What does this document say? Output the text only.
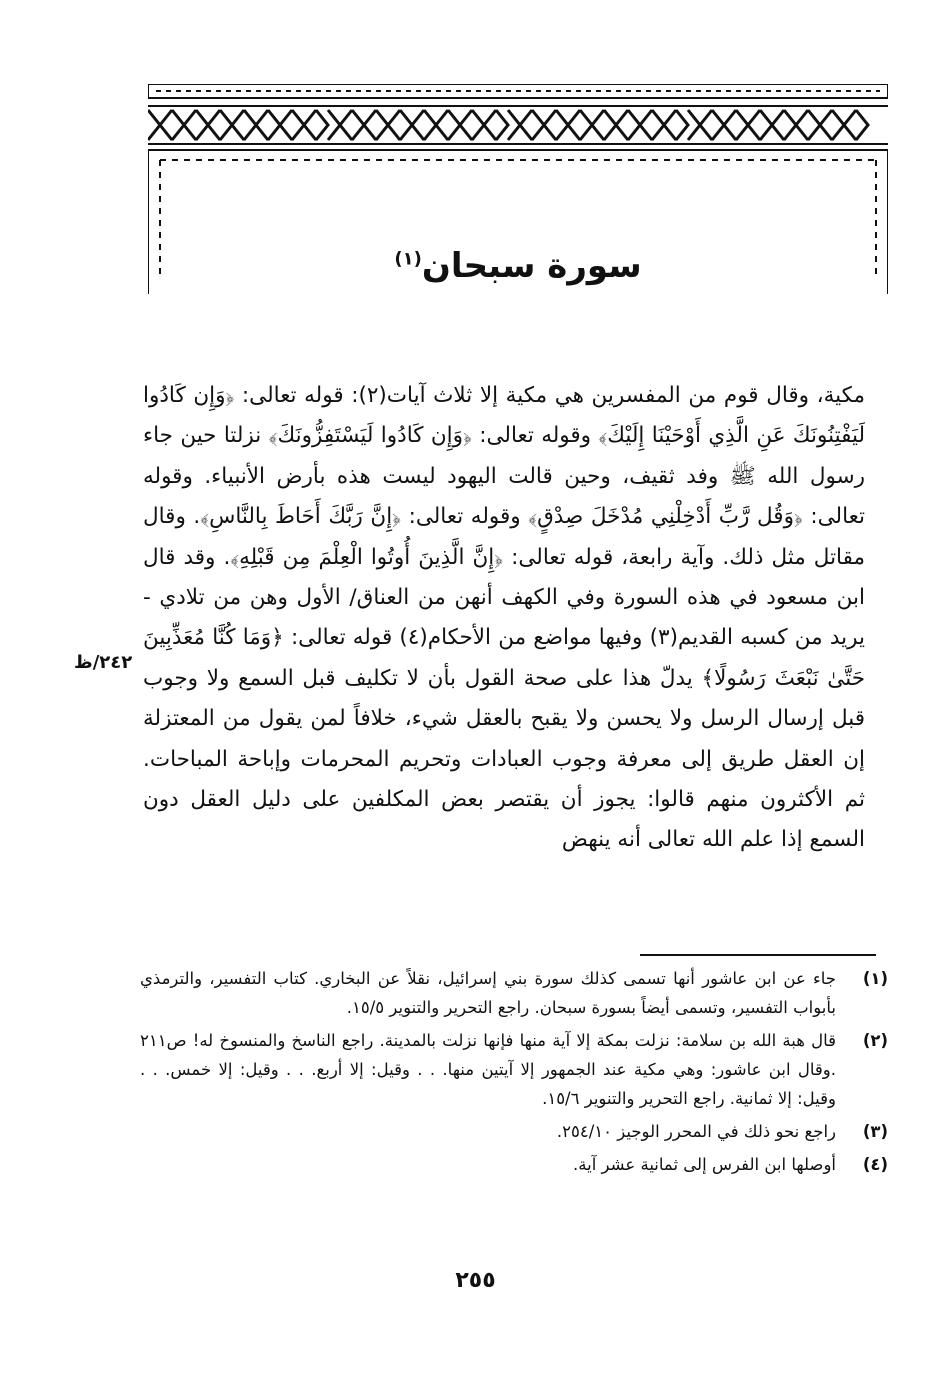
سورة سبحان$^{(١)}$

مكية، وقال قوم من المفسرين هي مكية إلا ثلاث آيات(٢): قوله تعالى: ﴿وَإِن كَادُوا لَيَفْتِنُونَكَ عَنِ الَّذِي أَوْحَيْنَا إِلَيْكَ﴾ وقوله تعالى: ﴿وَإِن كَادُوا لَيَسْتَفِزُّونَكَ﴾ نزلتا حين جاء رسول الله ﷺ وفد ثقيف، وحين قالت اليهود ليست هذه بأرض الأنبياء. وقوله تعالى: ﴿وَقُل رَّبِّ أَدْخِلْنِي مُدْخَلَ صِدْقٍ﴾ وقوله تعالى: ﴿إِنَّ رَبَّكَ أَحَاطَ بِالنَّاسِ﴾. وقال مقاتل مثل ذلك. وآية رابعة، قوله تعالى: ﴿إِنَّ الَّذِينَ أُوتُوا الْعِلْمَ مِن قَبْلِهِ﴾. وقد قال ابن مسعود في هذه السورة وفي الكهف أنهن من العناق/ الأول وهن من تلادي - يريد من كسبه القديم(٣) وفيها مواضع من الأحكام(٤) قوله تعالى: ﴿وَمَا كُنَّا مُعَذِّبِينَ حَتَّىٰ نَبْعَثَ رَسُولًا﴾ يدلّ هذا على صحة القول بأن لا تكليف قبل السمع ولا وجوب قبل إرسال الرسل ولا يحسن ولا يقبح بالعقل شيء، خلافاً لمن يقول من المعتزلة إن العقل طريق إلى معرفة وجوب العبادات وتحريم المحرمات وإباحة المباحات. ثم الأكثرون منهم قالوا: يجوز أن يقتصر بعض المكلفين على دليل العقل دون السمع إذا علم الله تعالى أنه ينهض

٢٤٢/ظ
(١)
جاء عن ابن عاشور أنها تسمى كذلك سورة بني إسرائيل، نقلاً عن البخاري. كتاب التفسير، والترمذي بأبواب التفسير، وتسمى أيضاً بسورة سبحان. راجع التحرير والتنوير ١٥/٥.
(٢)
قال هبة الله بن سلامة: نزلت بمكة إلا آية منها فإنها نزلت بالمدينة. راجع الناسخ والمنسوخ له! ص٢١١ .وقال ابن عاشور: وهي مكية عند الجمهور إلا آيتين منها. . . وقيل: إلا أربع. . . وقيل: إلا خمس. . . وقيل: إلا ثمانية. راجع التحرير والتنوير ١٥/٦.
(٣)
راجع نحو ذلك في المحرر الوجيز ٢٥٤/١٠.
(٤)
أوصلها ابن الفرس إلى ثمانية عشر آية.
٢٥٥
